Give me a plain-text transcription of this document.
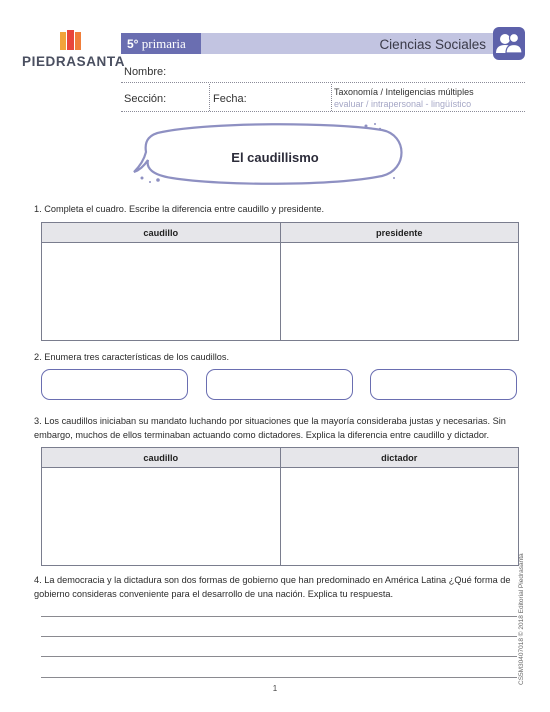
PIEDRASANTA
5° primaria	Ciencias Sociales
Nombre:
Sección:	Fecha:
Taxonomía / Inteligencias múltiples
evaluar / intrapersonal - lingüístico
El caudillismo
1. Completa el cuadro. Escribe la diferencia entre caudillo y presidente.
caudillo	presidente
2. Enumera tres características de los caudillos.
3. Los caudillos iniciaban su mandato luchando por situaciones que la mayoría consideraba justas y necesarias. Sin embargo, muchos de ellos terminaban actuando como dictadores. Explica la diferencia entre caudillo y dictador.
caudillo	dictador
4. La democracia y la dictadura son dos formas de gobierno que han predominado en América Latina ¿Qué forma de gobierno consideras conveniente para el desarrollo de una nación. Explica tu respuesta.	CS5M30407018 © 2018 Editorial Piedrasanta
1
